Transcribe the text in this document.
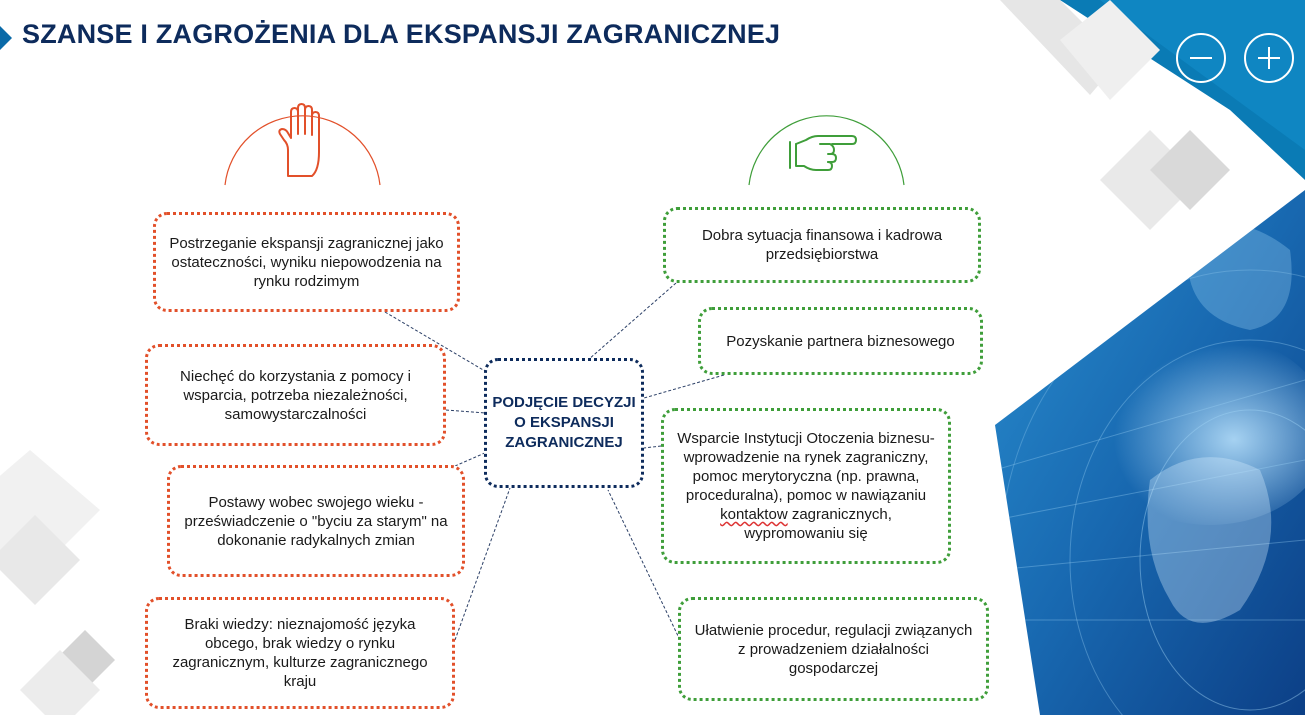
SZANSE I ZAGROŻENIA DLA EKSPANSJI ZAGRANICZNEJ
Postrzeganie ekspansji zagranicznej jako ostateczności, wyniku niepowodzenia na rynku rodzimym
Niechęć do korzystania z pomocy i wsparcia, potrzeba niezależności, samowystarczalności
Postawy wobec swojego wieku - przeświadczenie o "byciu za starym" na dokonanie radykalnych zmian
Braki wiedzy: nieznajomość języka obcego, brak wiedzy o rynku zagranicznym, kulturze zagranicznego kraju
PODJĘCIE DECYZJI O EKSPANSJI ZAGRANICZNEJ
Dobra sytuacja finansowa i kadrowa przedsiębiorstwa
Pozyskanie partnera biznesowego
Wsparcie Instytucji Otoczenia biznesu- wprowadzenie na rynek zagraniczny, pomoc merytoryczna (np. prawna, proceduralna), pomoc w nawiązaniu kontaktow zagranicznych, wypromowaniu się
Ułatwienie procedur, regulacji związanych z prowadzeniem działalności gospodarczej
